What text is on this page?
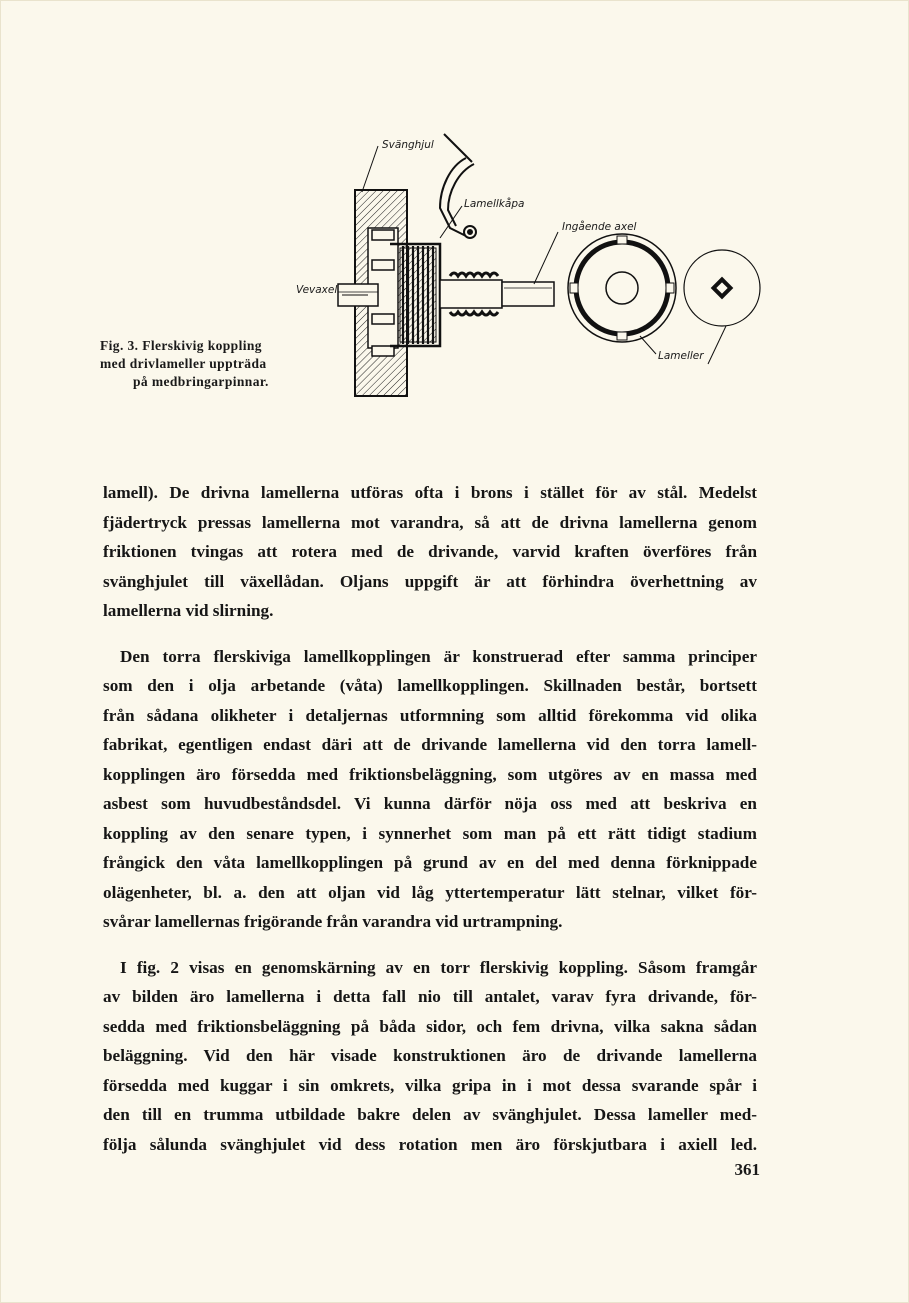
Svänghjul
Lamellkåpa
Ingående axel
Vevaxel
Lameller
Fig. 3. Flerskivig koppling
med drivlameller uppträda
på medbringarpinnar.

lamell). De drivna lamellerna utföras ofta i brons i stället för av stål. Medelst
fjädertryck pressas lamellerna mot varandra, så att de drivna lamellerna genom
friktionen tvingas att rotera med de drivande, varvid kraften överföres från
svänghjulet till växellådan. Oljans uppgift är att förhindra överhettning av
lamellerna vid slirning.

Den torra flerskiviga lamellkopplingen är konstruerad efter samma principer
som den i olja arbetande (våta) lamellkopplingen. Skillnaden består, bortsett
från sådana olikheter i detaljernas utformning som alltid förekomma vid olika
fabrikat, egentligen endast däri att de drivande lamellerna vid den torra lamell-
kopplingen äro försedda med friktionsbeläggning, som utgöres av en massa med
asbest som huvudbeståndsdel. Vi kunna därför nöja oss med att beskriva en
koppling av den senare typen, i synnerhet som man på ett rätt tidigt stadium
frångick den våta lamellkopplingen på grund av en del med denna förknippade
olägenheter, bl. a. den att oljan vid låg yttertemperatur lätt stelnar, vilket för-
svårar lamellernas frigörande från varandra vid urtrampning.

I fig. 2 visas en genomskärning av en torr flerskivig koppling. Såsom framgår
av bilden äro lamellerna i detta fall nio till antalet, varav fyra drivande, för-
sedda med friktionsbeläggning på båda sidor, och fem drivna, vilka sakna sådan
beläggning. Vid den här visade konstruktionen äro de drivande lamellerna
försedda med kuggar i sin omkrets, vilka gripa in i mot dessa svarande spår i
den till en trumma utbildade bakre delen av svänghjulet. Dessa lameller med-
följa sålunda svänghjulet vid dess rotation men äro förskjutbara i axiell led.

361
